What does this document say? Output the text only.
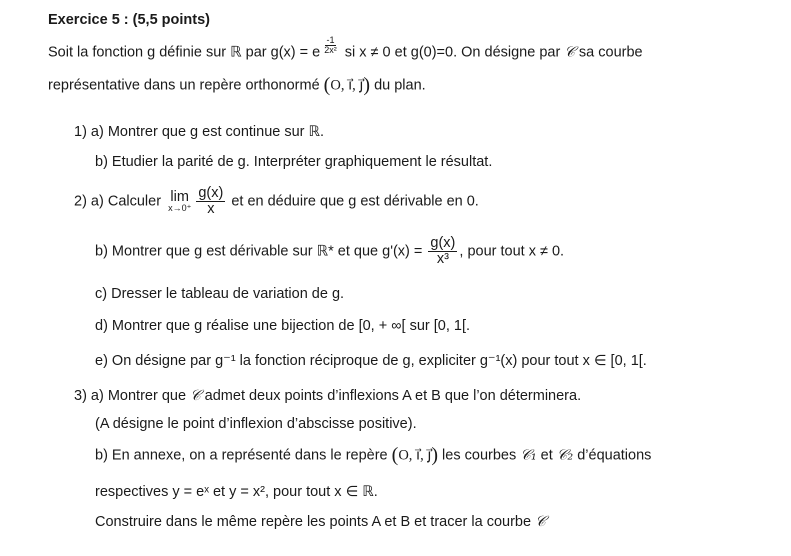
Exercice 5 : (5,5 points)
Soit la fonction g définie sur ℝ par g(x) = e $\frac{-1}{\text{2x²}}$ si x ≠ 0 et g(0)=0. On désigne par 𝒞 sa courbe
représentative dans un repère orthonormé (O, i⃗, j⃗) du plan.
1) a) Montrer que g est continue sur ℝ.
b) Etudier la parité de g. Interpréter graphiquement le résultat.
2) a) Calculer lim
$x\to 0^+ \frac{g(x)}{x}$ et en déduire que g est dérivable en 0.
b) Montrer que g est dérivable sur ℝ* et que $g'(x) = \frac{g(x)}{\text{x³}}$ , pour tout x ≠ 0.
c) Dresser le tableau de variation de g.
d) Montrer que g réalise une bijection de [0, + ∞[ sur [0, 1[.
e) On désigne par g⁻¹ la fonction réciproque de g, expliciter g⁻¹(x) pour tout x ∈ [0, 1[.
3) a) Montrer que 𝒞 admet deux points d’inflexions A et B que l’on déterminera.
(A désigne le point d’inflexion d’abscisse positive).
b) En annexe, on a représenté dans le repère (O, i⃗, j⃗) les courbes 𝒞₁ et 𝒞₂ d’équations
respectives y = eˣ et y = x², pour tout x ∈ ℝ.
Construire dans le même repère les points A et B et tracer la courbe 𝒞
